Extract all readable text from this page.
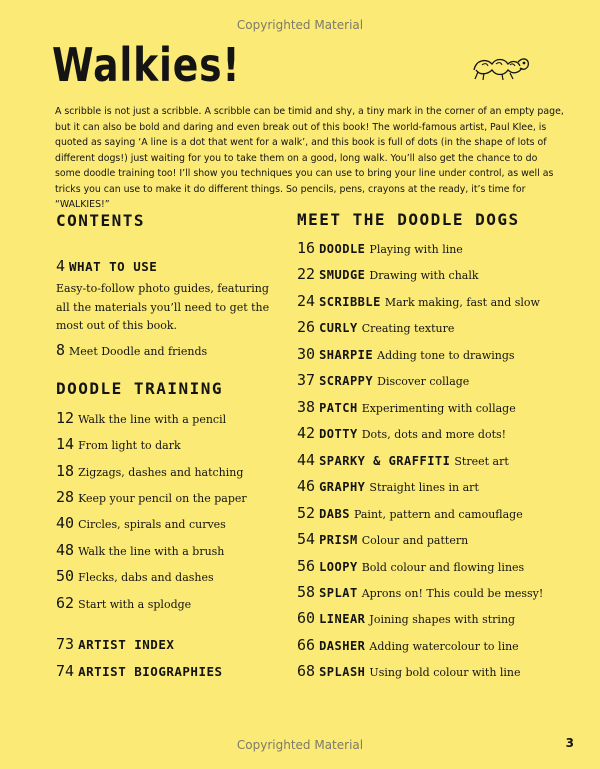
Copyrighted Material
Walkies!
A scribble is not just a scribble. A scribble can be timid and shy, a tiny mark in the corner of an empty page, but it can also be bold and daring and even break out of this book! The world-famous artist, Paul Klee, is quoted as saying ‘A line is a dot that went for a walk’, and this book is full of dots (in the shape of lots of different dogs!) just waiting for you to take them on a good, long walk. You’ll also get the chance to do some doodle training too! I’ll show you techniques you can use to bring your line under control, as well as tricks you can use to make it do different things. So pencils, pens, crayons at the ready, it’s time for “WALKIES!”
CONTENTS
4 WHAT TO USE
Easy-to-follow photo guides, featuring all the materials you’ll need to get the most out of this book.
8 Meet Doodle and friends
DOODLE TRAINING
12 Walk the line with a pencil
14 From light to dark
18 Zigzags, dashes and hatching
28 Keep your pencil on the paper
40 Circles, spirals and curves
48 Walk the line with a brush
50 Flecks, dabs and dashes
62 Start with a splodge
73 ARTIST INDEX
74 ARTIST BIOGRAPHIES
MEET THE DOODLE DOGS
16 DOODLE Playing with line
22 SMUDGE Drawing with chalk
24 SCRIBBLE Mark making, fast and slow
26 CURLY Creating texture
30 SHARPIE Adding tone to drawings
37 SCRAPPY Discover collage
38 PATCH Experimenting with collage
42 DOTTY Dots, dots and more dots!
44 SPARKY & GRAFFITI Street art
46 GRAPHY Straight lines in art
52 DABS Paint, pattern and camouflage
54 PRISM Colour and pattern
56 LOOPY Bold colour and flowing lines
58 SPLAT Aprons on! This could be messy!
60 LINEAR Joining shapes with string
66 DASHER Adding watercolour to line
68 SPLASH Using bold colour with line
Copyrighted Material	3
